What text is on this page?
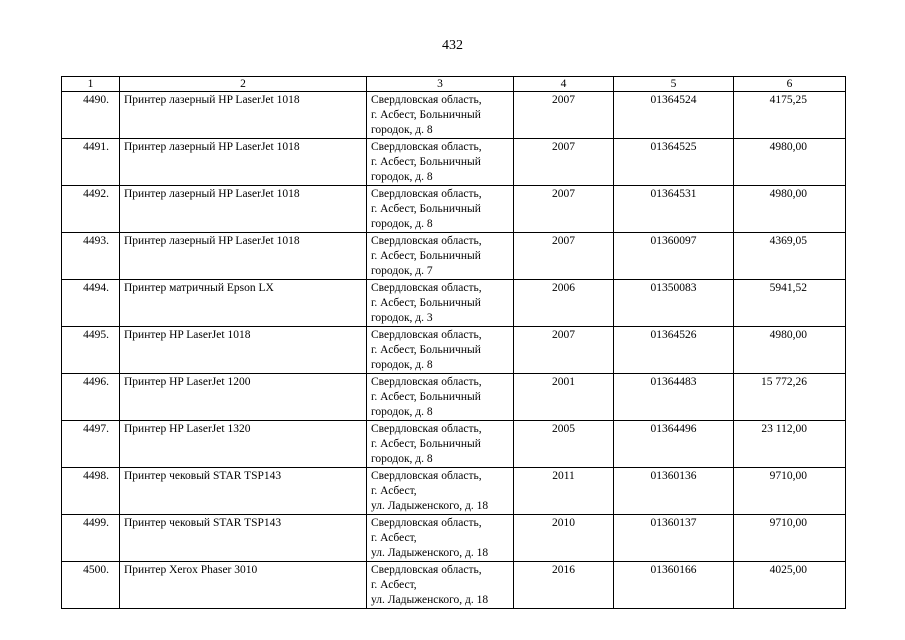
432
1	2	3	4	5	6
4490.	Принтер лазерный HP LaserJet 1018	Свердловская область,
г. Асбест, Больничный
городок, д. 8	2007	01364524	4175,25
4491.	Принтер лазерный HP LaserJet 1018	Свердловская область,
г. Асбест, Больничный
городок, д. 8	2007	01364525	4980,00
4492.	Принтер лазерный HP LaserJet 1018	Свердловская область,
г. Асбест, Больничный
городок, д. 8	2007	01364531	4980,00
4493.	Принтер лазерный HP LaserJet 1018	Свердловская область,
г. Асбест, Больничный
городок, д. 7	2007	01360097	4369,05
4494.	Принтер матричный Epson LX	Свердловская область,
г. Асбест, Больничный
городок, д. 3	2006	01350083	5941,52
4495.	Принтер HP LaserJet 1018	Свердловская область,
г. Асбест, Больничный
городок, д. 8	2007	01364526	4980,00
4496.	Принтер HP LaserJet 1200	Свердловская область,
г. Асбест, Больничный
городок, д. 8	2001	01364483	15 772,26
4497.	Принтер HP LaserJet 1320	Свердловская область,
г. Асбест, Больничный
городок, д. 8	2005	01364496	23 112,00
4498.	Принтер чековый STAR TSP143	Свердловская область,
г. Асбест,
ул. Ладыженского, д. 18	2011	01360136	9710,00
4499.	Принтер чековый STAR TSP143	Свердловская область,
г. Асбест,
ул. Ладыженского, д. 18	2010	01360137	9710,00
4500.	Принтер Xerox Phaser 3010	Свердловская область,
г. Асбест,
ул. Ладыженского, д. 18	2016	01360166	4025,00
